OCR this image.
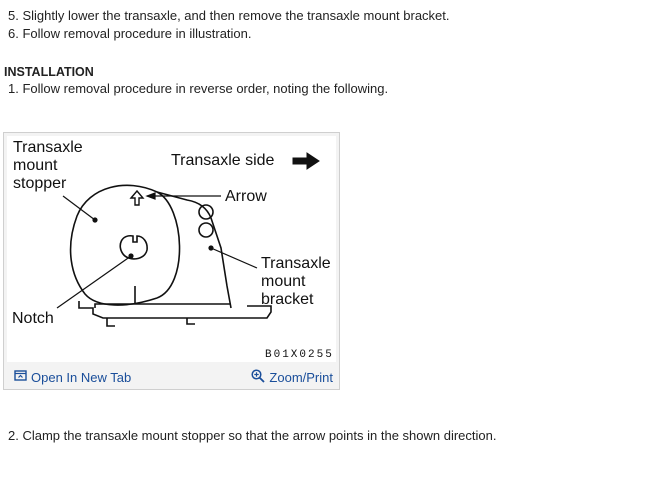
5. Slightly lower the transaxle, and then remove the transaxle mount bracket.
6. Follow removal procedure in illustration.
INSTALLATION
1. Follow removal procedure in reverse order, noting the following.
Transaxle
mount
stopper
Transaxle side
Arrow
Transaxle
mount
bracket
Notch
B01X0255
Open In New Tab	Zoom/Print
2. Clamp the transaxle mount stopper so that the arrow points in the shown direction.
